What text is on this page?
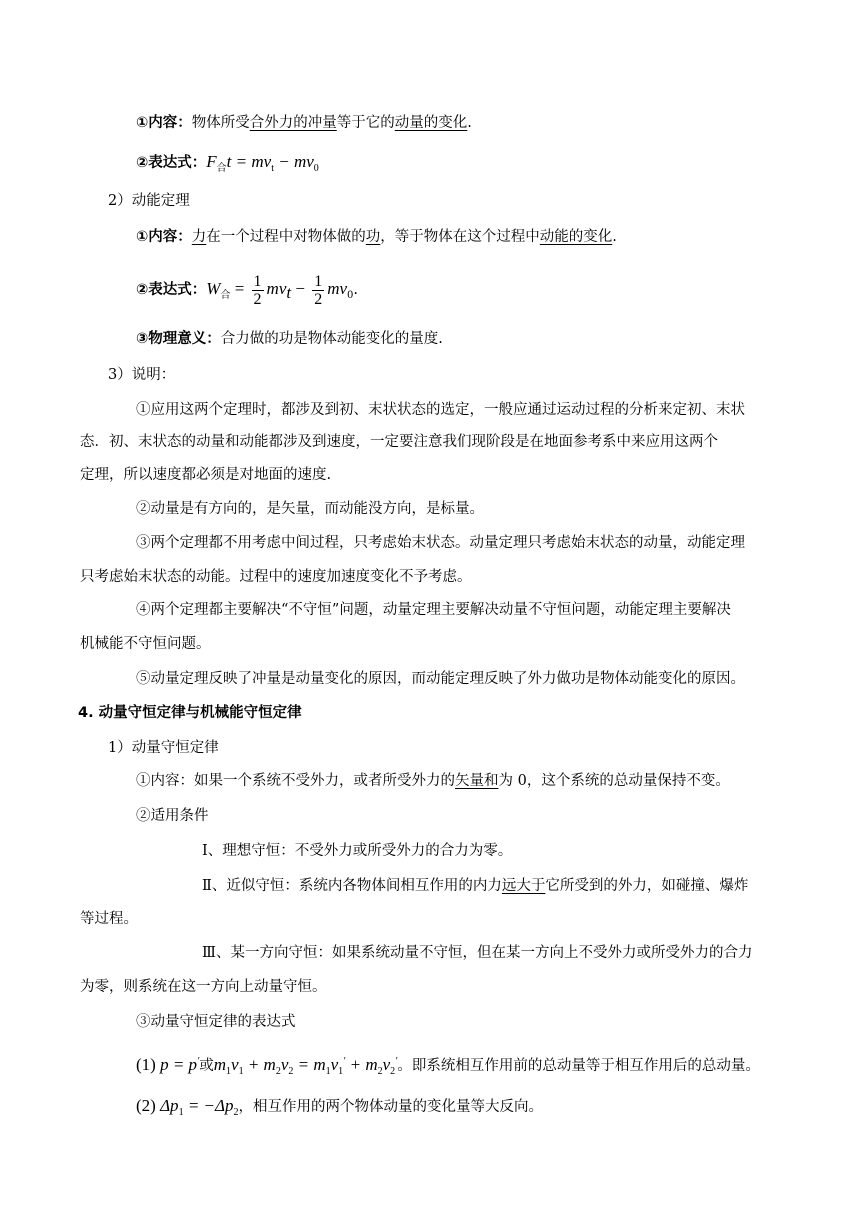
①内容：物体所受合外力的冲量等于它的动量的变化.
②表达式：$F_合t = mv_t - mv_0$
2）动能定理
①内容：力在一个过程中对物体做的功，等于物体在这个过程中动能的变化.
②表达式：$W_合 = \frac{1}{2} mv_t - \frac{1}{2} mv_0$.
③物理意义：合力做的功是物体动能变化的量度.
3）说明：
①应用这两个定理时，都涉及到初、末状状态的选定，一般应通过运动过程的分析来定初、末状
态．初、末状态的动量和动能都涉及到速度，一定要注意我们现阶段是在地面参考系中来应用这两个
定理，所以速度都必须是对地面的速度.
②动量是有方向的，是矢量，而动能没方向，是标量。
③两个定理都不用考虑中间过程，只考虑始末状态。动量定理只考虑始末状态的动量，动能定理
只考虑始末状态的动能。过程中的速度加速度变化不予考虑。
④两个定理都主要解决“不守恒”问题，动量定理主要解决动量不守恒问题，动能定理主要解决
机械能不守恒问题。
⑤动量定理反映了冲量是动量变化的原因，而动能定理反映了外力做功是物体动能变化的原因。
4. 动量守恒定律与机械能守恒定律
1）动量守恒定律
①内容：如果一个系统不受外力，或者所受外力的矢量和为 0，这个系统的总动量保持不变。
②适用条件
Ⅰ、理想守恒：不受外力或所受外力的合力为零。
Ⅱ、近似守恒：系统内各物体间相互作用的内力远大于它所受到的外力，如碰撞、爆炸
等过程。
Ⅲ、某一方向守恒：如果系统动量不守恒，但在某一方向上不受外力或所受外力的合力
为零，则系统在这一方向上动量守恒。
③动量守恒定律的表达式
(1) p = p′或$m_1v_1 + m_2v_2 = m_1v_1' + m_2v_2'$。即系统相互作用前的总动量等于相互作用后的总动量。
(2) $\Delta p_1 = -\Delta p_2$，相互作用的两个物体动量的变化量等大反向。
